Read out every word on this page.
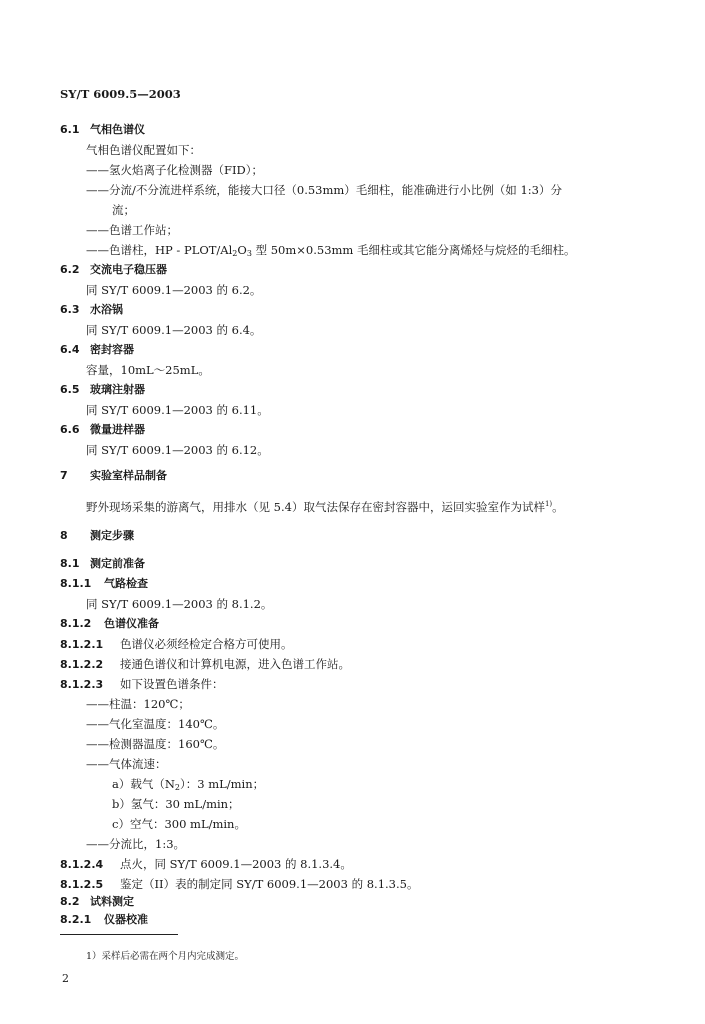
SY/T 6009.5—2003
6.1 气相色谱仪
气相色谱仪配置如下：
——氢火焰离子化检测器（FID）；
——分流/不分流进样系统，能接大口径（0.53mm）毛细柱，能准确进行小比例（如 1:3）分
流；
——色谱工作站；
——色谱柱，HP - PLOT/$Al_2O_3$ 型 50m×0.53mm 毛细柱或其它能分离烯烃与烷烃的毛细柱。
6.2 交流电子稳压器
同 SY/T 6009.1—2003 的 6.2。
6.3 水浴锅
同 SY/T 6009.1—2003 的 6.4。
6.4 密封容器
容量，10mL～25mL。
6.5 玻璃注射器
同 SY/T 6009.1—2003 的 6.11。
6.6 微量进样器
同 SY/T 6009.1—2003 的 6.12。
7 实验室样品制备
野外现场采集的游离气，用排水（见 5.4）取气法保存在密封容器中，运回实验室作为试样$^{1)}$。
8 测定步骤
8.1 测定前准备
8.1.1 气路检查
同 SY/T 6009.1—2003 的 8.1.2。
8.1.2 色谱仪准备
8.1.2.1 色谱仪必须经检定合格方可使用。
8.1.2.2 接通色谱仪和计算机电源，进入色谱工作站。
8.1.2.3 如下设置色谱条件：
——柱温：120℃；
——气化室温度：140℃。
——检测器温度：160℃。
——气体流速：
a）载气$(N_2)$：3 mL/min；
b）氢气：30 mL/min；
c）空气：300 mL/min。
——分流比，1:3。
8.1.2.4 点火，同 SY/T 6009.1—2003 的 8.1.3.4。
8.1.2.5 鉴定（II）表的制定同 SY/T 6009.1—2003 的 8.1.3.5。
8.2 试料测定
8.2.1 仪器校准
1）采样后必需在两个月内完成测定。
2
